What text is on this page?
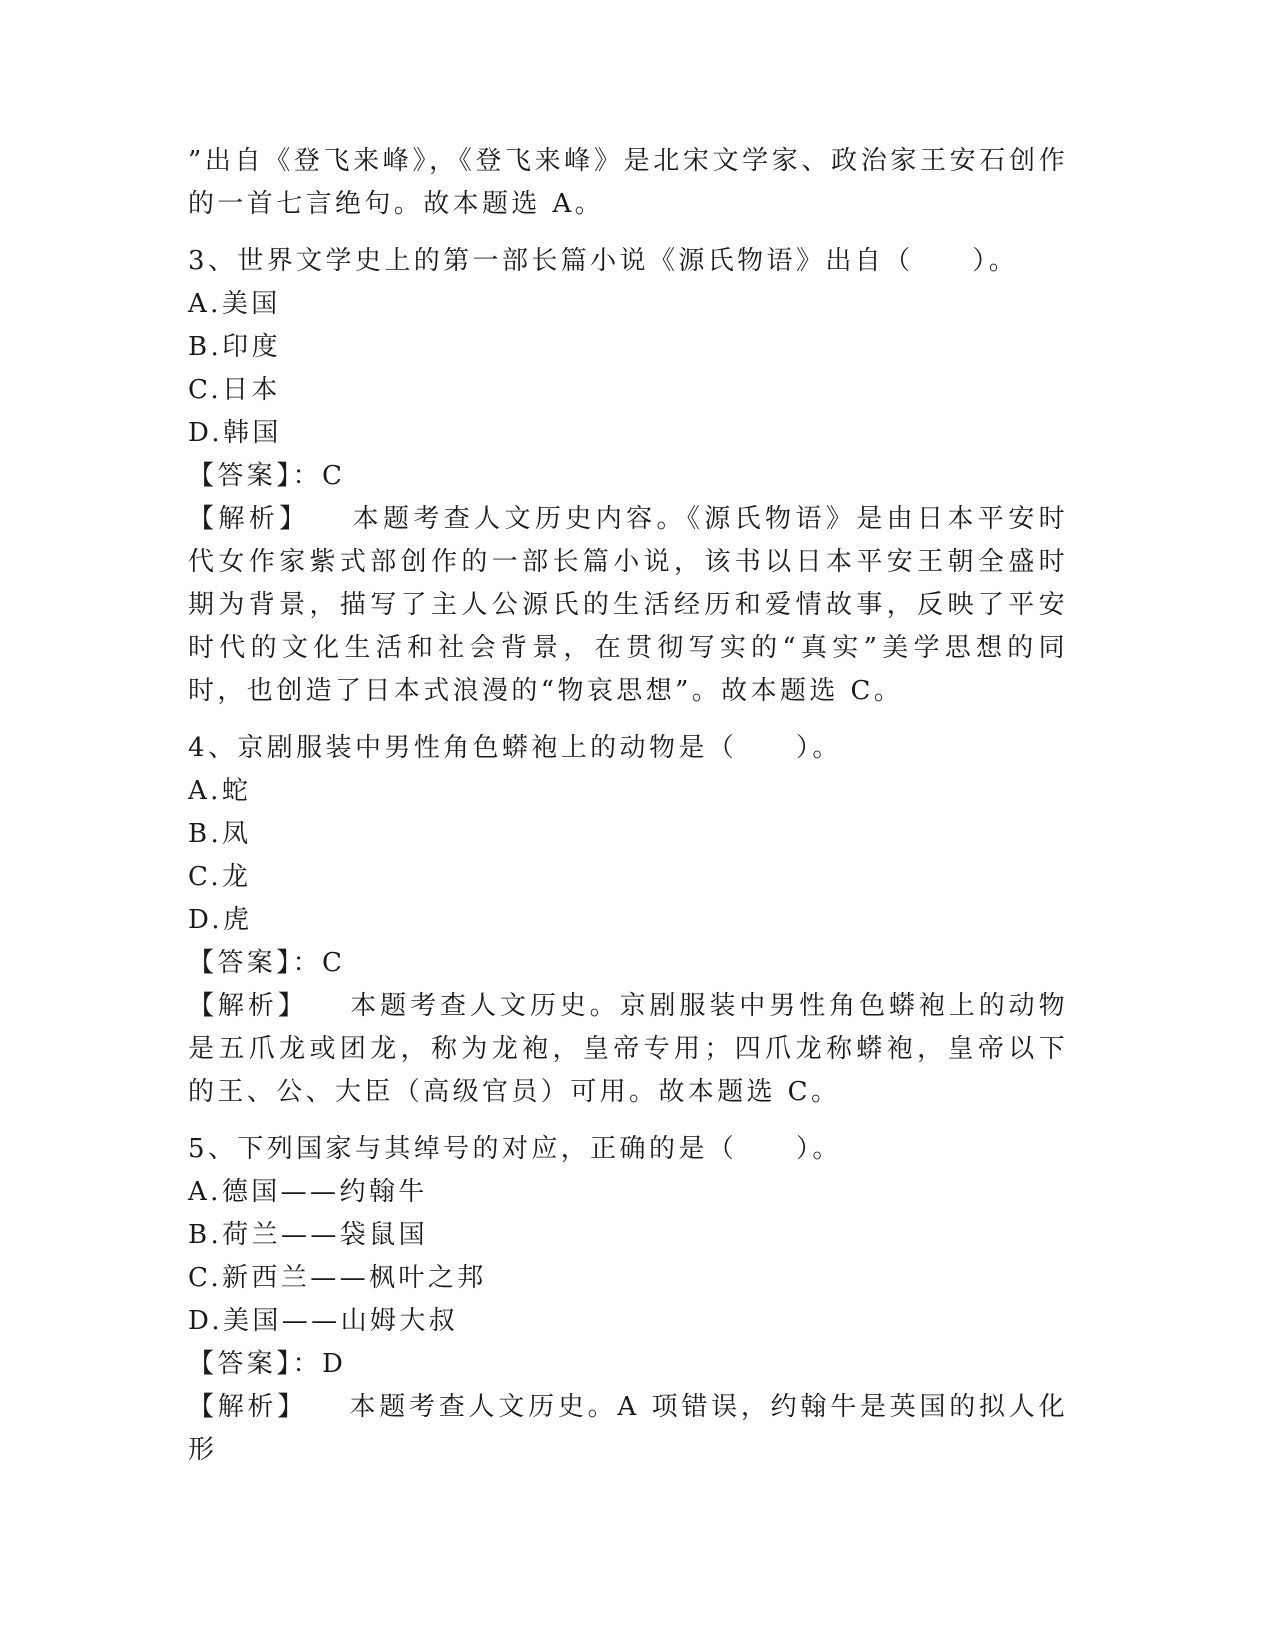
”出自《登飞来峰》，《登飞来峰》是北宋文学家、政治家王安石创作的一首七言绝句。故本题选 A。

3、世界文学史上的第一部长篇小说《源氏物语》出自（　　）。

A.美国

B.印度

C.日本

D.韩国

【答案】：C

【解析】 本题考查人文历史内容。《源氏物语》是由日本平安时代女作家紫式部创作的一部长篇小说，该书以日本平安王朝全盛时期为背景，描写了主人公源氏的生活经历和爱情故事，反映了平安时代的文化生活和社会背景，在贯彻写实的“真实”美学思想的同时，也创造了日本式浪漫的“物哀思想”。故本题选 C。

4、京剧服装中男性角色蟒袍上的动物是（　　）。

A.蛇

B.凤

C.龙

D.虎

【答案】：C

【解析】 本题考查人文历史。京剧服装中男性角色蟒袍上的动物是五爪龙或团龙，称为龙袍，皇帝专用；四爪龙称蟒袍，皇帝以下的王、公、大臣（高级官员）可用。故本题选 C。

5、下列国家与其绰号的对应，正确的是（　　）。

A.德国——约翰牛

B.荷兰——袋鼠国

C.新西兰——枫叶之邦

D.美国——山姆大叔

【答案】：D

【解析】 本题考查人文历史。A 项错误，约翰牛是英国的拟人化形
